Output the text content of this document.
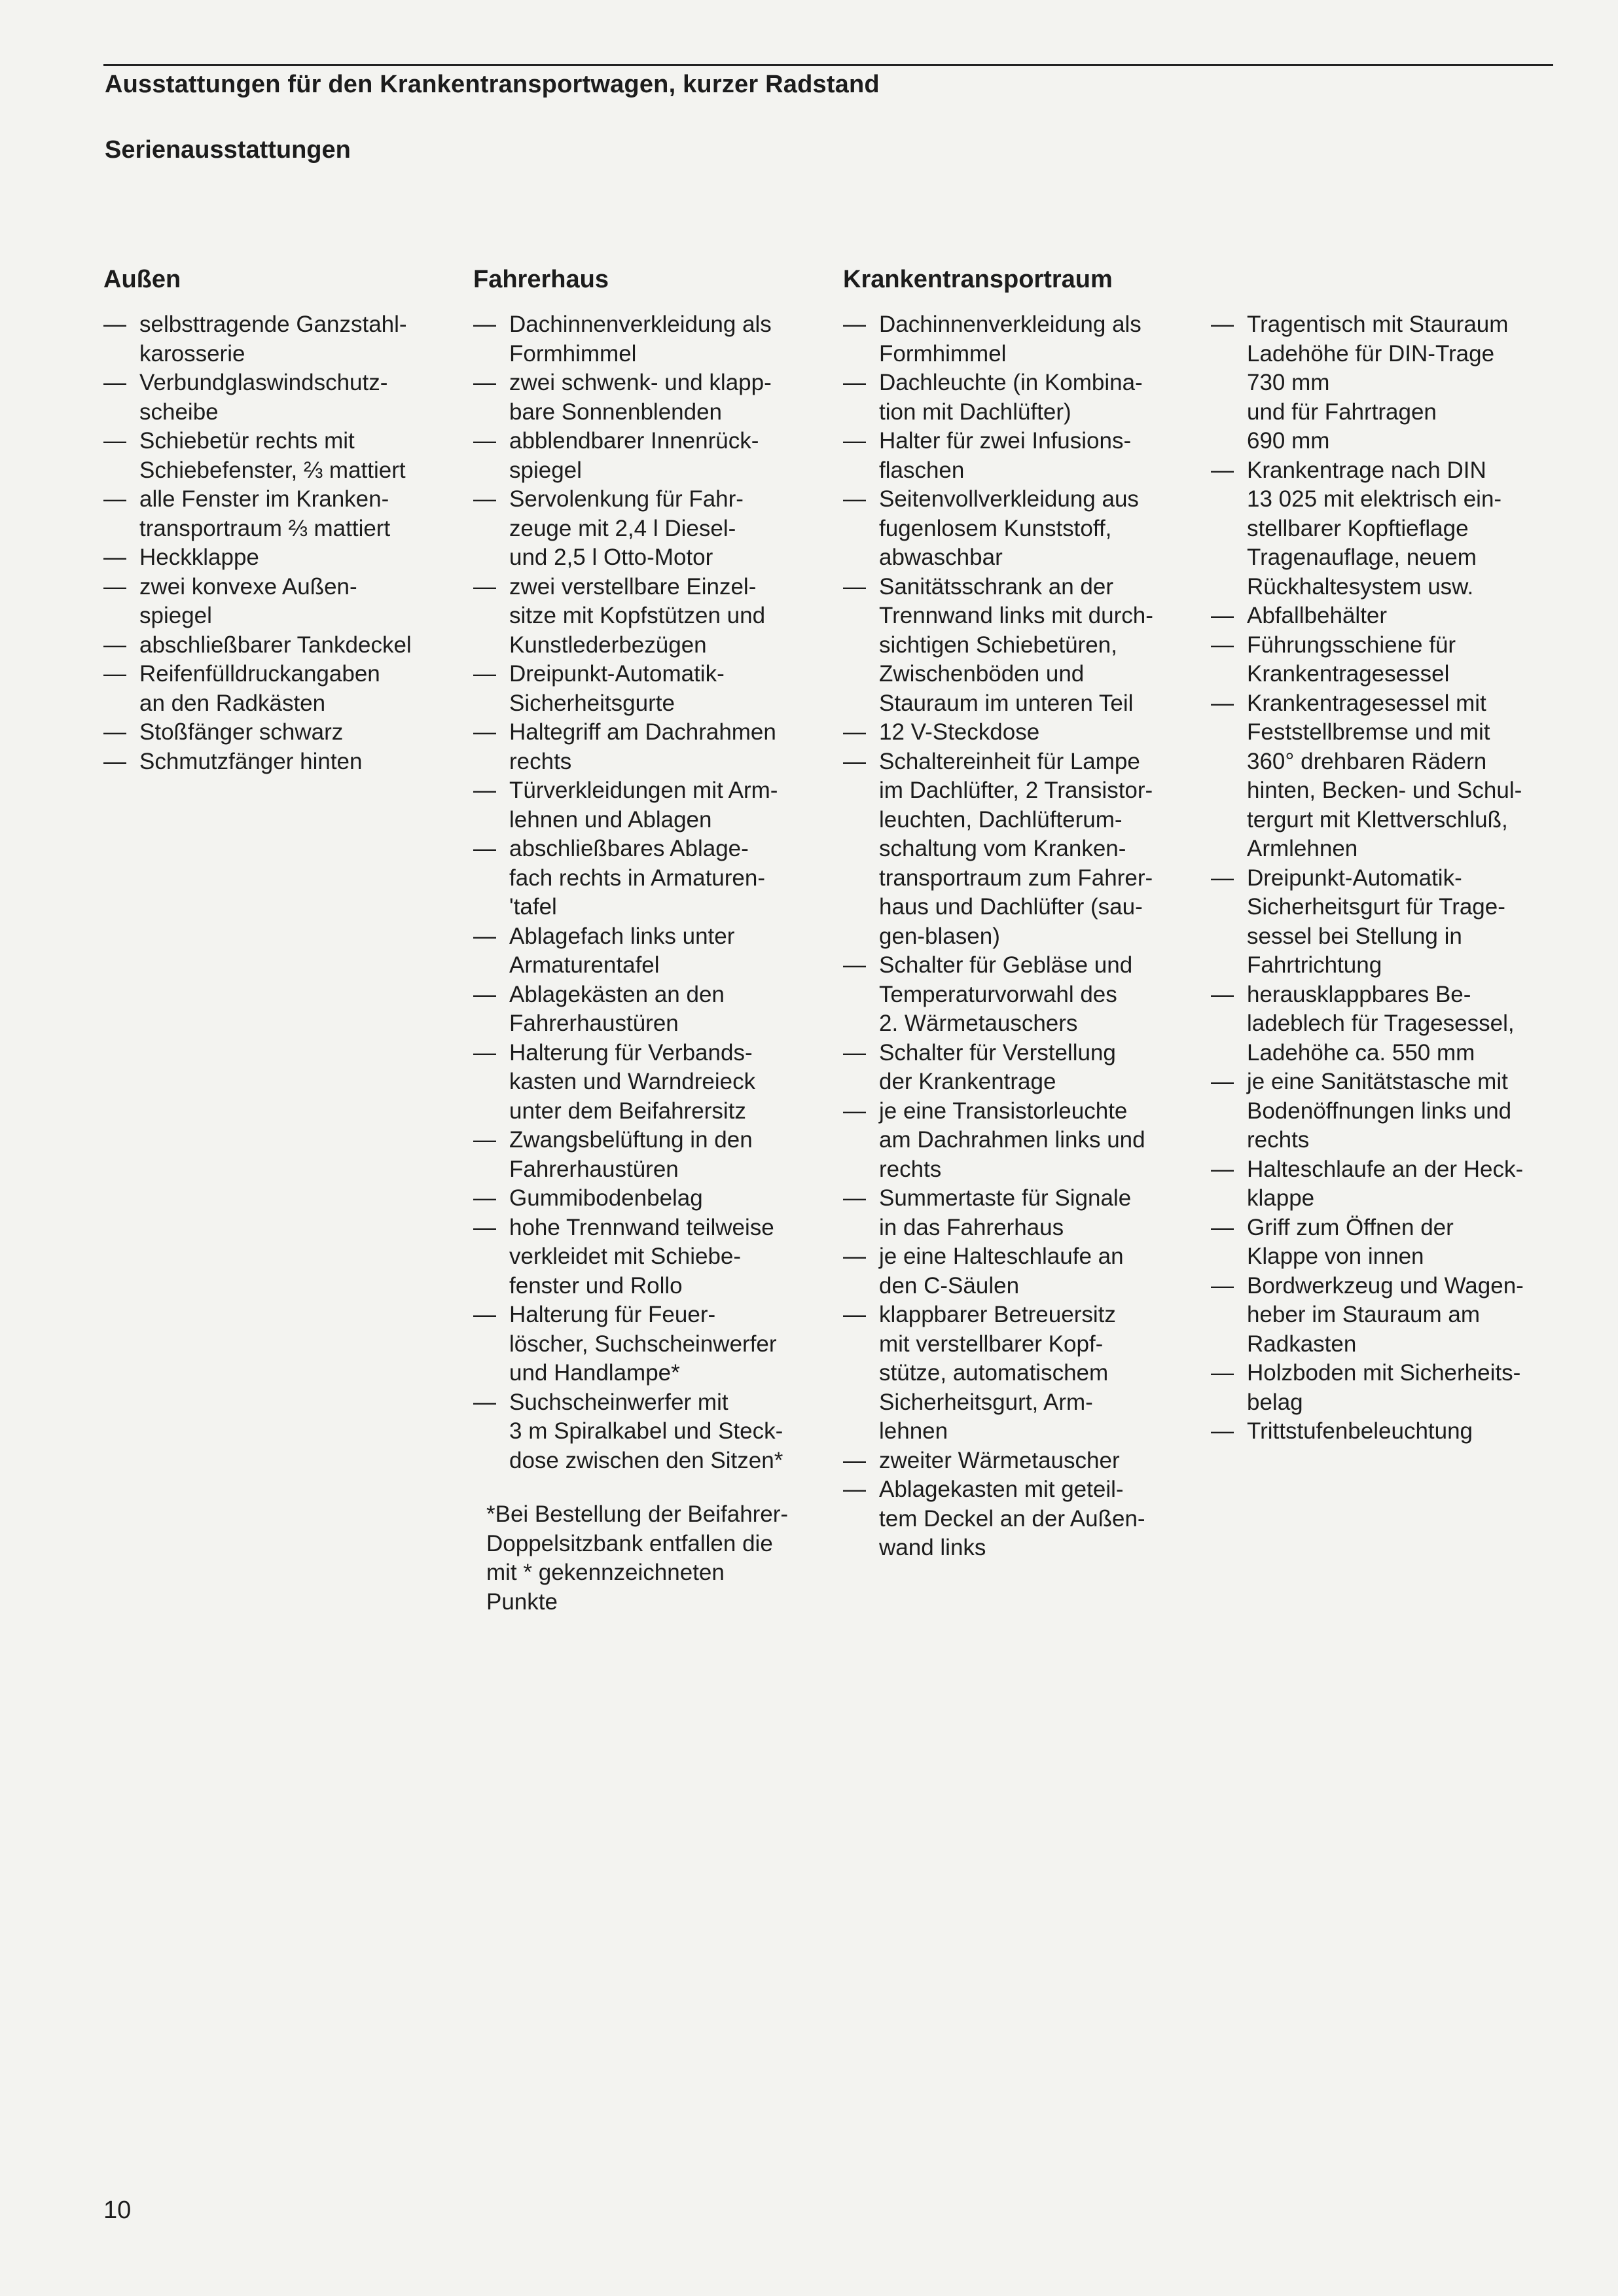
Ausstattungen für den Krankentransportwagen, kurzer Radstand
Serienausstattungen
Außen
— selbsttragende Ganzstahl-
karosserie
— Verbundglaswindschutz-
scheibe
— Schiebetür rechts mit
Schiebefenster, ⅔ mattiert
— alle Fenster im Kranken-
transportraum ⅔ mattiert
— Heckklappe
— zwei konvexe Außen-
spiegel
— abschließbarer Tankdeckel
— Reifenfülldruckangaben
an den Radkästen
— Stoßfänger schwarz
— Schmutzfänger hinten
Fahrerhaus
— Dachinnenverkleidung als
Formhimmel
— zwei schwenk- und klapp-
bare Sonnenblenden
— abblendbarer Innenrück-
spiegel
— Servolenkung für Fahr-
zeuge mit 2,4 l Diesel-
und 2,5 l Otto-Motor
— zwei verstellbare Einzel-
sitze mit Kopfstützen und
Kunstlederbezügen
— Dreipunkt-Automatik-
Sicherheitsgurte
— Haltegriff am Dachrahmen
rechts
— Türverkleidungen mit Arm-
lehnen und Ablagen
— abschließbares Ablage-
fach rechts in Armaturen-
'tafel
— Ablagefach links unter
Armaturentafel
— Ablagekästen an den
Fahrerhaustüren
— Halterung für Verbands-
kasten und Warndreieck
unter dem Beifahrersitz
— Zwangsbelüftung in den
Fahrerhaustüren
— Gummibodenbelag
— hohe Trennwand teilweise
verkleidet mit Schiebe-
fenster und Rollo
— Halterung für Feuer-
löscher, Suchscheinwerfer
und Handlampe*
— Suchscheinwerfer mit
3 m Spiralkabel und Steck-
dose zwischen den Sitzen*
*Bei Bestellung der Beifahrer-
Doppelsitzbank entfallen die
mit * gekennzeichneten
Punkte
Krankentransportraum
— Dachinnenverkleidung als
Formhimmel
— Dachleuchte (in Kombina-
tion mit Dachlüfter)
— Halter für zwei Infusions-
flaschen
— Seitenvollverkleidung aus
fugenlosem Kunststoff,
abwaschbar
— Sanitätsschrank an der
Trennwand links mit durch-
sichtigen Schiebetüren,
Zwischenböden und
Stauraum im unteren Teil
— 12 V-Steckdose
— Schaltereinheit für Lampe
im Dachlüfter, 2 Transistor-
leuchten, Dachlüfterum-
schaltung vom Kranken-
transportraum zum Fahrer-
haus und Dachlüfter (sau-
gen-blasen)
— Schalter für Gebläse und
Temperaturvorwahl des
2. Wärmetauschers
— Schalter für Verstellung
der Krankentrage
— je eine Transistorleuchte
am Dachrahmen links und
rechts
— Summertaste für Signale
in das Fahrerhaus
— je eine Halteschlaufe an
den C-Säulen
— klappbarer Betreuersitz
mit verstellbarer Kopf-
stütze, automatischem
Sicherheitsgurt, Arm-
lehnen
— zweiter Wärmetauscher
— Ablagekasten mit geteil-
tem Deckel an der Außen-
wand links
— Tragentisch mit Stauraum
Ladehöhe für DIN-Trage
730 mm
und für Fahrtragen
690 mm
— Krankentrage nach DIN
13 025 mit elektrisch ein-
stellbarer Kopftieflage
Tragenauflage, neuem
Rückhaltesystem usw.
— Abfallbehälter
— Führungsschiene für
Krankentragesessel
— Krankentragesessel mit
Feststellbremse und mit
360° drehbaren Rädern
hinten, Becken- und Schul-
tergurt mit Klettverschluß,
Armlehnen
— Dreipunkt-Automatik-
Sicherheitsgurt für Trage-
sessel bei Stellung in
Fahrtrichtung
— herausklappbares Be-
ladeblech für Tragesessel,
Ladehöhe ca. 550 mm
— je eine Sanitätstasche mit
Bodenöffnungen links und
rechts
— Halteschlaufe an der Heck-
klappe
— Griff zum Öffnen der
Klappe von innen
— Bordwerkzeug und Wagen-
heber im Stauraum am
Radkasten
— Holzboden mit Sicherheits-
belag
— Trittstufenbeleuchtung
10
